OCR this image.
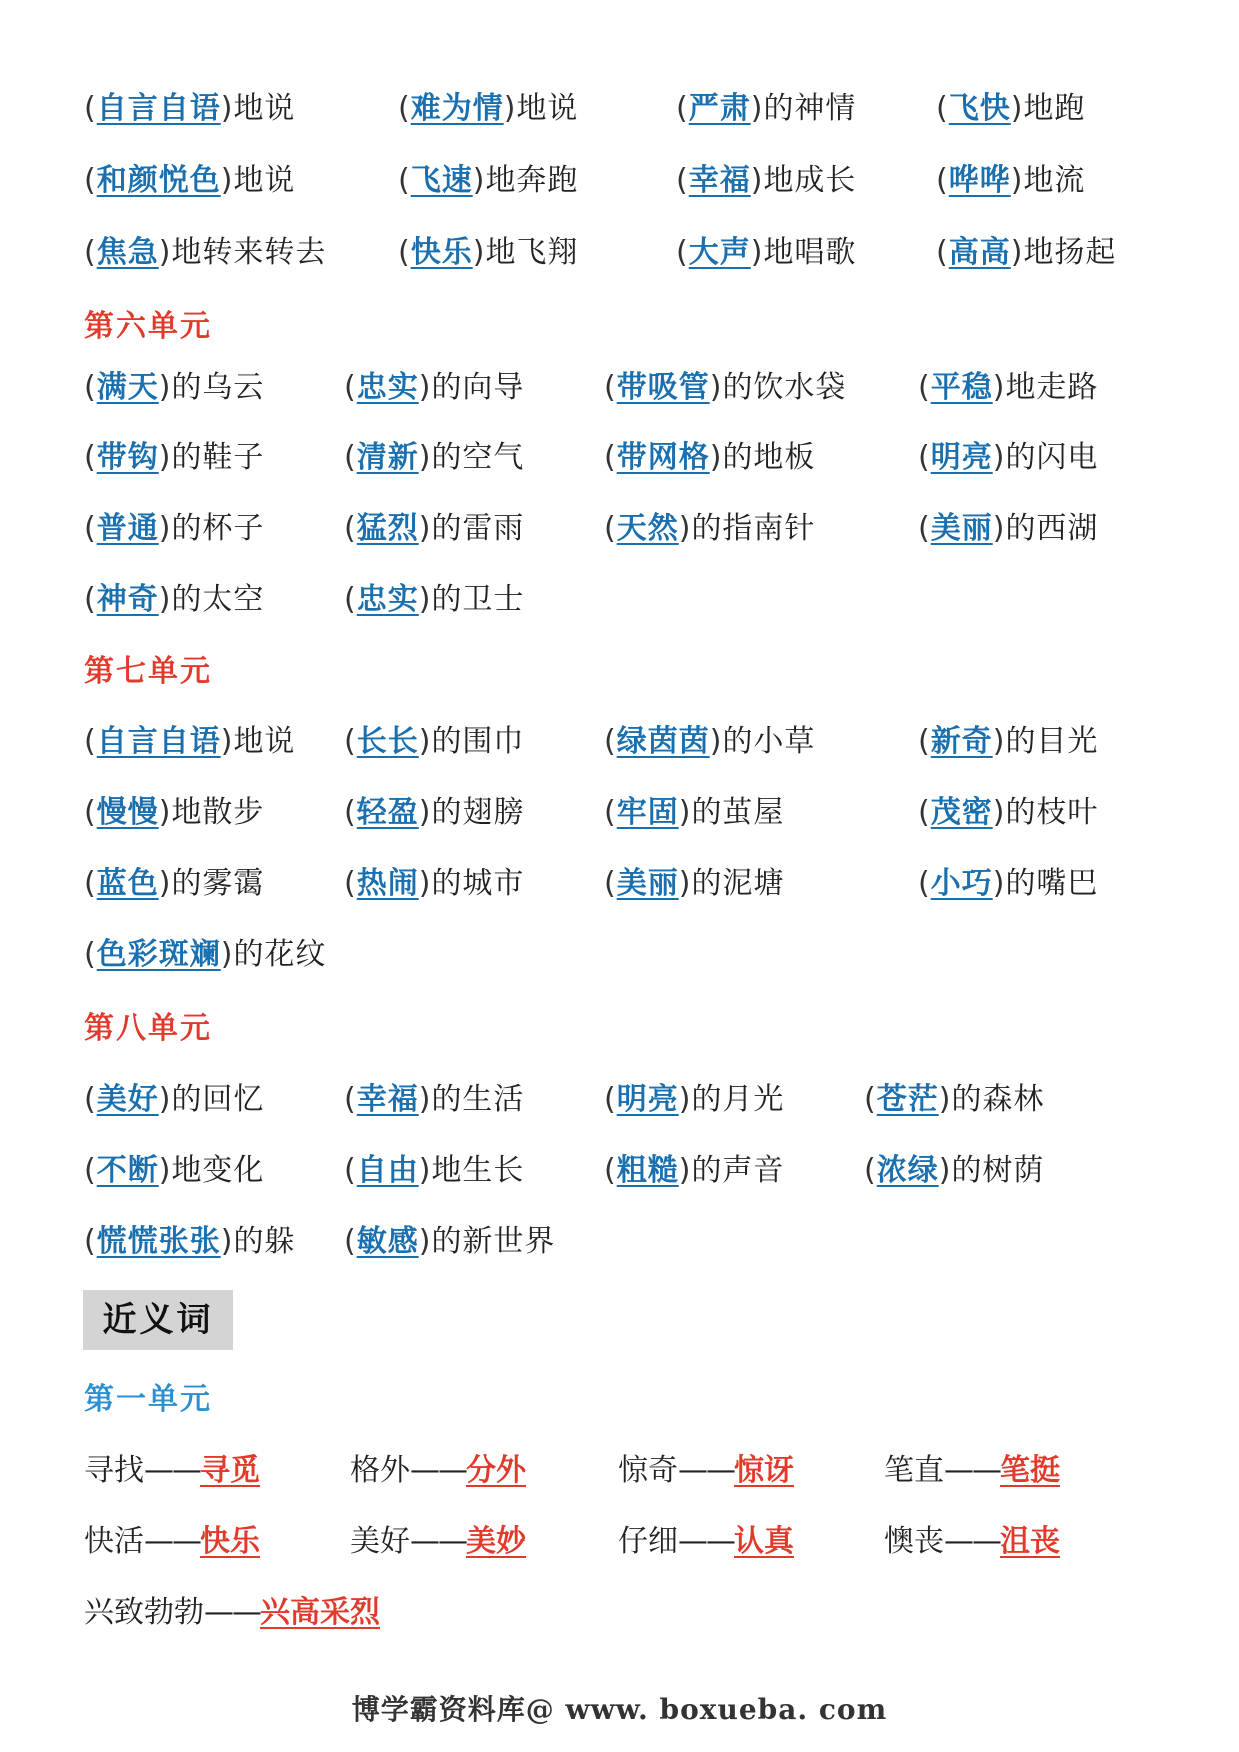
(自言自语)地说	(难为情)地说	(严肃)的神情	(飞快)地跑
(和颜悦色)地说	(飞速)地奔跑	(幸福)地成长	(哗哗)地流
(焦急)地转来转去 (快乐)地飞翔	(大声)地唱歌	(高高)地扬起
第六单元
(满天)的乌云	(忠实)的向导	(带吸管)的饮水袋 (平稳)地走路
(带钩)的鞋子	(清新)的空气	(带网格)的地板	(明亮)的闪电
(普通)的杯子	(猛烈)的雷雨	(天然)的指南针	(美丽)的西湖
(神奇)的太空	(忠实)的卫士
第七单元
(自言自语)地说 (长长)的围巾	(绿茵茵)的小草	(新奇)的目光
(慢慢)地散步	(轻盈)的翅膀	(牢固)的茧屋	(茂密)的枝叶
(蓝色)的雾霭	(热闹)的城市	(美丽)的泥塘	(小巧)的嘴巴
(色彩斑斓)的花纹
第八单元
(美好)的回忆	(幸福)的生活	(明亮)的月光	(苍茫)的森林
(不断)地变化	(自由)地生长	(粗糙)的声音	(浓绿)的树荫
(慌慌张张)的躲 (敏感)的新世界
近义词
第一单元
寻找——寻觅	格外——分外	惊奇——惊讶	笔直——笔挺
快活——快乐	美好——美妙	仔细——认真	懊丧——沮丧
兴致勃勃——兴高采烈
博学霸资料库@ www. boxueba. com
